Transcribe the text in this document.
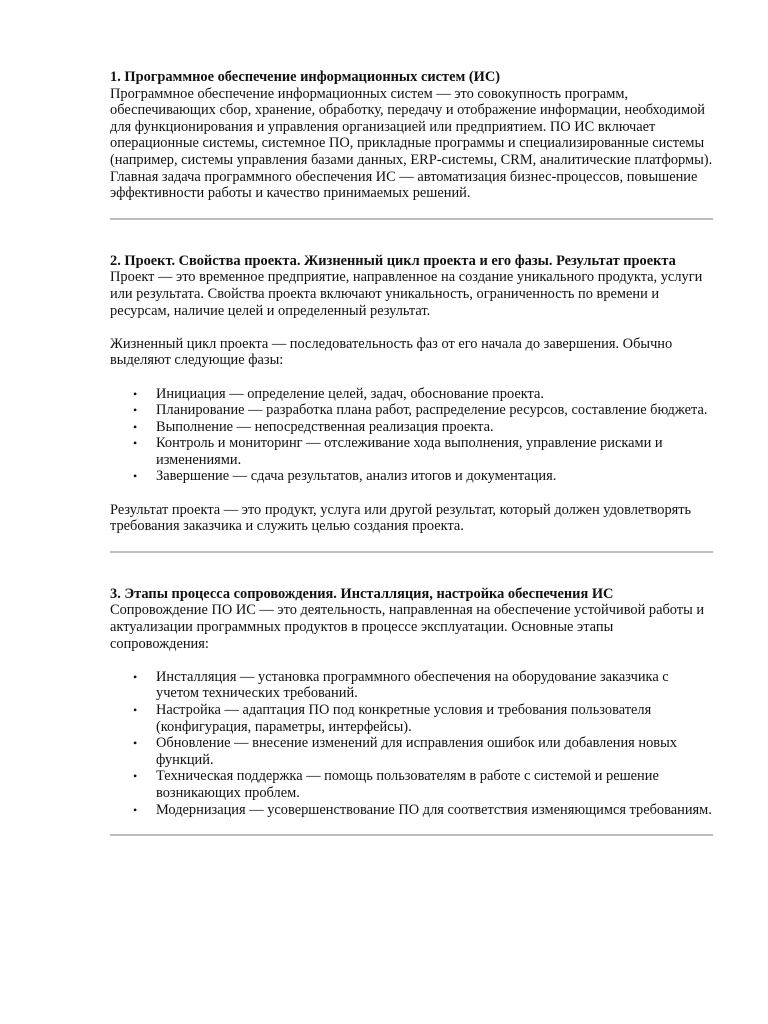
1. Программное обеспечение информационных систем (ИС)

Программное обеспечение информационных систем — это совокупность программ, обеспечивающих сбор, хранение, обработку, передачу и отображение информации, необходимой для функционирования и управления организацией или предприятием. ПО ИС включает операционные системы, системное ПО, прикладные программы и специализированные системы (например, системы управления базами данных, ERP-системы, CRM, аналитические платформы). Главная задача программного обеспечения ИС — автоматизация бизнес-процессов, повышение эффективности работы и качество принимаемых решений.

2. Проект. Свойства проекта. Жизненный цикл проекта и его фазы. Результат проекта

Проект — это временное предприятие, направленное на создание уникального продукта, услуги или результата. Свойства проекта включают уникальность, ограниченность по времени и ресурсам, наличие целей и определенный результат.

Жизненный цикл проекта — последовательность фаз от его начала до завершения. Обычно выделяют следующие фазы:

• Инициация — определение целей, задач, обоснование проекта.
• Планирование — разработка плана работ, распределение ресурсов, составление бюджета.
• Выполнение — непосредственная реализация проекта.
• Контроль и мониторинг — отслеживание хода выполнения, управление рисками и изменениями.
• Завершение — сдача результатов, анализ итогов и документация.

Результат проекта — это продукт, услуга или другой результат, который должен удовлетворять требования заказчика и служить целью создания проекта.

3. Этапы процесса сопровождения. Инсталляция, настройка обеспечения ИС

Сопровождение ПО ИС — это деятельность, направленная на обеспечение устойчивой работы и актуализации программных продуктов в процессе эксплуатации. Основные этапы сопровождения:

• Инсталляция — установка программного обеспечения на оборудование заказчика с учетом технических требований.
• Настройка — адаптация ПО под конкретные условия и требования пользователя (конфигурация, параметры, интерфейсы).
• Обновление — внесение изменений для исправления ошибок или добавления новых функций.
• Техническая поддержка — помощь пользователям в работе с системой и решение возникающих проблем.
• Модернизация — усовершенствование ПО для соответствия изменяющимся требованиям.
